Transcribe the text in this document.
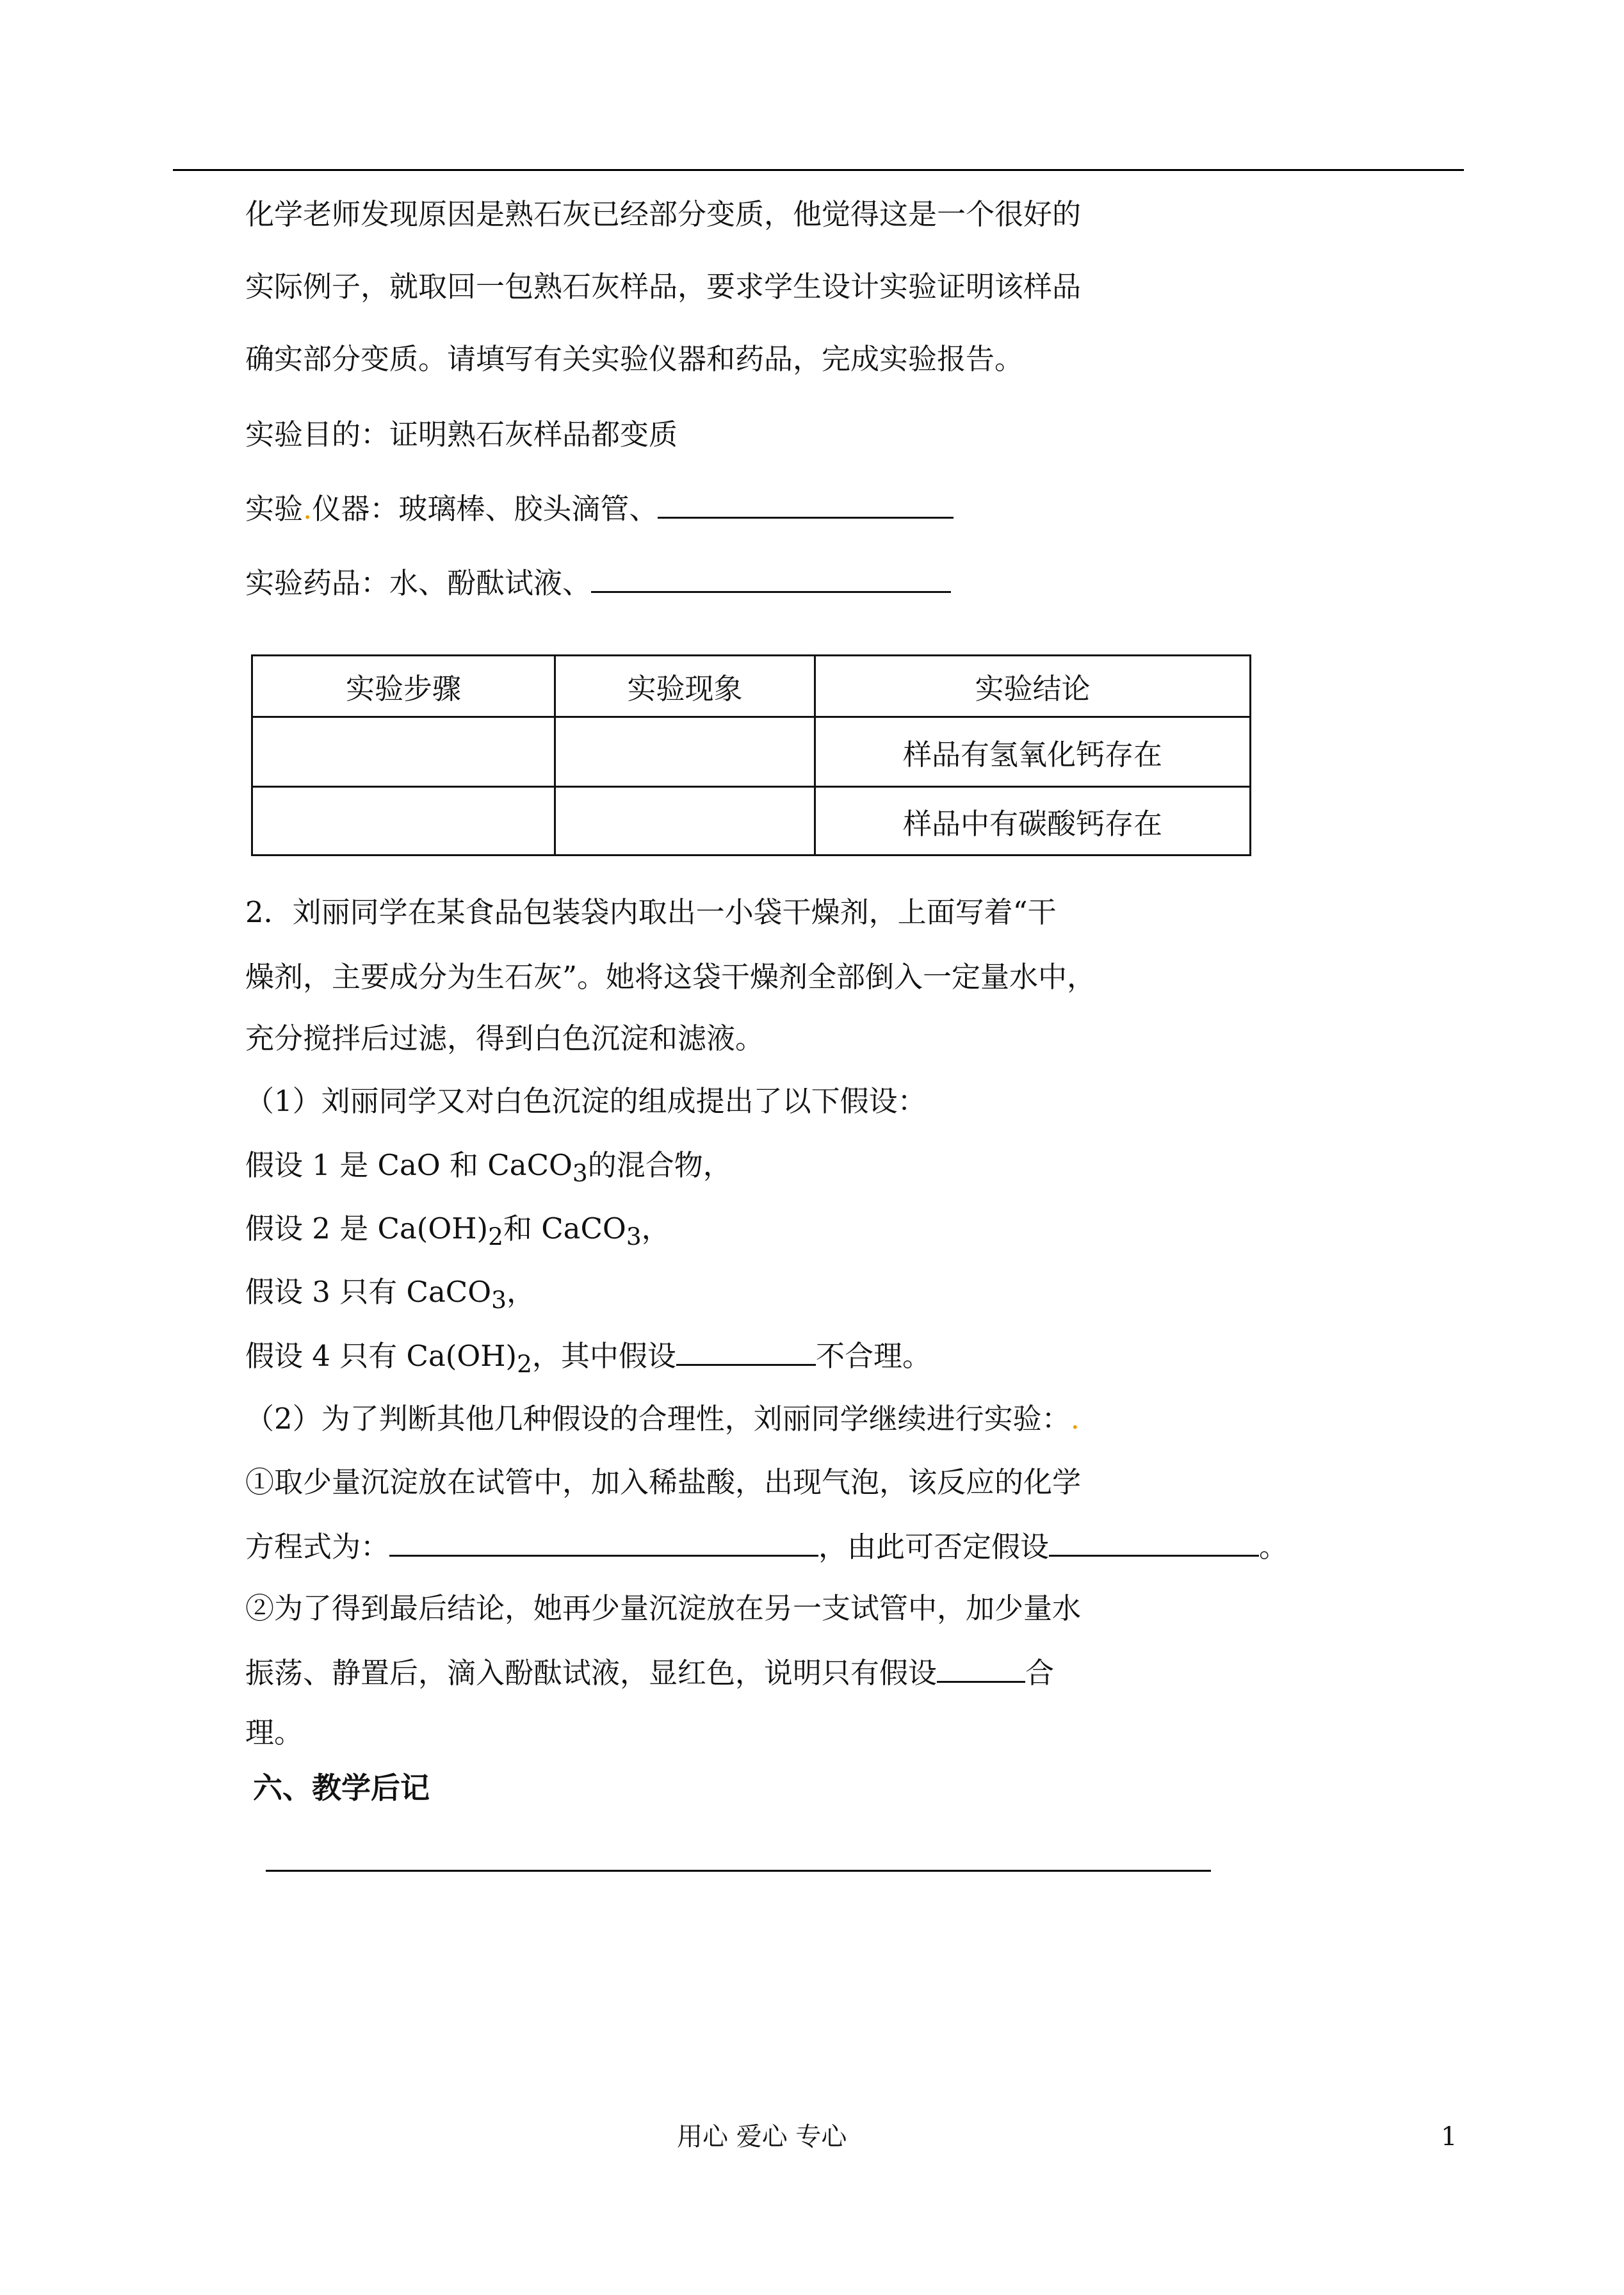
化学老师发现原因是熟石灰已经部分变质，他觉得这是一个很好的
实际例子，就取回一包熟石灰样品，要求学生设计实验证明该样品
确实部分变质。请填写有关实验仪器和药品，完成实验报告。
实验目的：证明熟石灰样品都变质
实验.仪器：玻璃棒、胶头滴管、
实验药品：水、酚酞试液、
实验步骤	实验现象	实验结论
		样品有氢氧化钙存在
		样品中有碳酸钙存在
2．刘丽同学在某食品包装袋内取出一小袋干燥剂，上面写着“干
燥剂，主要成分为生石灰”。她将这袋干燥剂全部倒入一定量水中，
充分搅拌后过滤，得到白色沉淀和滤液。
（1）刘丽同学又对白色沉淀的组成提出了以下假设：
假设 1 是 CaO 和 CaCO$_3$的混合物，
假设 2 是 $Ca(OH)_2$和 CaCO$_3$，
假设 3 只有 CaCO$_3$，
假设 4 只有 $Ca(OH)_2$，其中假设	不合理。
（2）为了判断其他几种假设的合理性，刘丽同学继续进行实验：.
①取少量沉淀放在试管中，加入稀盐酸，出现气泡，该反应的化学
方程式为：	，由此可否定假设	。
②为了得到最后结论，她再少量沉淀放在另一支试管中，加少量水
振荡、静置后，滴入酚酞试液，显红色，说明只有假设	合
理。
六、教学后记
用心 爱心 专心	1
